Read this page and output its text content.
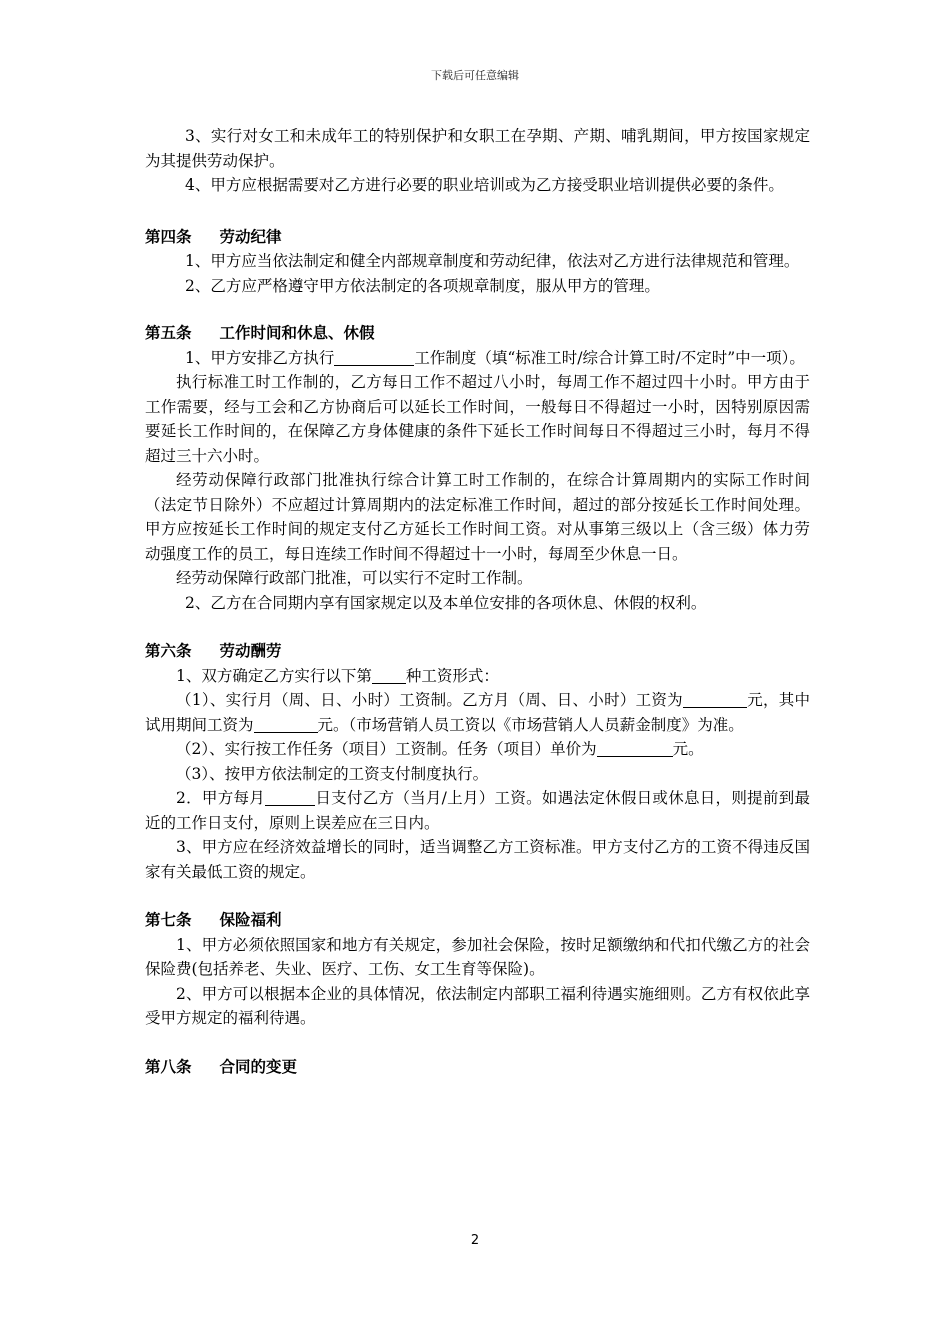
下载后可任意编辑

3、实行对女工和未成年工的特别保护和女职工在孕期、产期、哺乳期间，甲方按国家规定为其提供劳动保护。

4、甲方应根据需要对乙方进行必要的职业培训或为乙方接受职业培训提供必要的条件。

第四条 劳动纪律

1、甲方应当依法制定和健全内部规章制度和劳动纪律，依法对乙方进行法律规范和管理。

2、乙方应严格遵守甲方依法制定的各项规章制度，服从甲方的管理。

第五条 工作时间和休息、休假

1、甲方安排乙方执行	工作制度（填“标准工时/综合计算工时/不定时”中一项）。

执行标准工时工作制的，乙方每日工作不超过八小时，每周工作不超过四十小时。甲方由于工作需要，经与工会和乙方协商后可以延长工作时间，一般每日不得超过一小时，因特别原因需要延长工作时间的，在保障乙方身体健康的条件下延长工作时间每日不得超过三小时，每月不得超过三十六小时。

经劳动保障行政部门批准执行综合计算工时工作制的，在综合计算周期内的实际工作时间（法定节日除外）不应超过计算周期内的法定标准工作时间，超过的部分按延长工作时间处理。甲方应按延长工作时间的规定支付乙方延长工作时间工资。对从事第三级以上（含三级）体力劳动强度工作的员工，每日连续工作时间不得超过十一小时，每周至少休息一日。

经劳动保障行政部门批准，可以实行不定时工作制。

2、乙方在合同期内享有国家规定以及本单位安排的各项休息、休假的权利。

第六条 劳动酬劳

1、双方确定乙方实行以下第 种工资形式：

（1）、实行月（周、日、小时）工资制。乙方月（周、日、小时）工资为	元，其中试用期间工资为	元。（市场营销人员工资以《市场营销人人员薪金制度》为准。

（2）、实行按工作任务（项目）工资制。任务（项目）单价为	元。

（3）、按甲方依法制定的工资支付制度执行。

2．甲方每月	日支付乙方（当月/上月）工资。如遇法定休假日或休息日，则提前到最近的工作日支付，原则上误差应在三日内。

3、甲方应在经济效益增长的同时，适当调整乙方工资标准。甲方支付乙方的工资不得违反国家有关最低工资的规定。

第七条 保险福利

1、甲方必须依照国家和地方有关规定，参加社会保险，按时足额缴纳和代扣代缴乙方的社会保险费(包括养老、失业、医疗、工伤、女工生育等保险)。

2、甲方可以根据本企业的具体情况，依法制定内部职工福利待遇实施细则。乙方有权依此享受甲方规定的福利待遇。

第八条 合同的变更

2
